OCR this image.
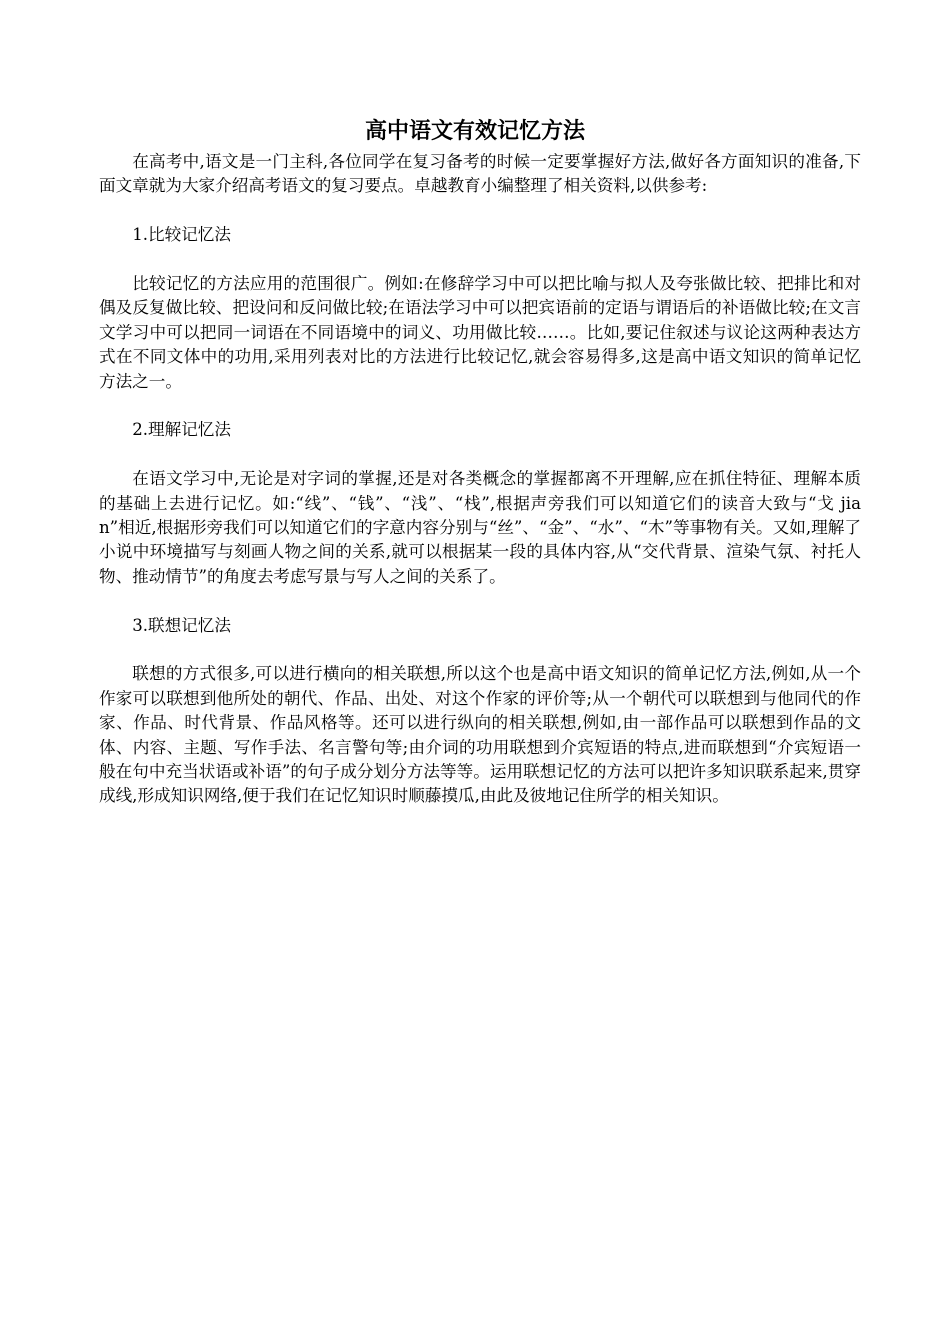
高中语文有效记忆方法

在高考中,语文是一门主科,各位同学在复习备考的时候一定要掌握好方法,做好各方面知识的准备,下面文章就为大家介绍高考语文的复习要点。卓越教育小编整理了相关资料,以供参考:

1.比较记忆法

比较记忆的方法应用的范围很广。例如:在修辞学习中可以把比喻与拟人及夸张做比较、把排比和对偶及反复做比较、把设问和反问做比较;在语法学习中可以把宾语前的定语与谓语后的补语做比较;在文言文学习中可以把同一词语在不同语境中的词义、功用做比较……。比如,要记住叙述与议论这两种表达方式在不同文体中的功用,采用列表对比的方法进行比较记忆,就会容易得多,这是高中语文知识的简单记忆方法之一。

2.理解记忆法

在语文学习中,无论是对字词的掌握,还是对各类概念的掌握都离不开理解,应在抓住特征、理解本质的基础上去进行记忆。如:“线”、“钱”、“浅”、“栈”,根据声旁我们可以知道它们的读音大致与“戈 jian”相近,根据形旁我们可以知道它们的字意内容分别与“丝”、“金”、“水”、“木”等事物有关。又如,理解了小说中环境描写与刻画人物之间的关系,就可以根据某一段的具体内容,从“交代背景、渲染气氛、衬托人物、推动情节”的角度去考虑写景与写人之间的关系了。

3.联想记忆法

联想的方式很多,可以进行横向的相关联想,所以这个也是高中语文知识的简单记忆方法,例如,从一个作家可以联想到他所处的朝代、作品、出处、对这个作家的评价等;从一个朝代可以联想到与他同代的作家、作品、时代背景、作品风格等。还可以进行纵向的相关联想,例如,由一部作品可以联想到作品的文体、内容、主题、写作手法、名言警句等;由介词的功用联想到介宾短语的特点,进而联想到“介宾短语一般在句中充当状语或补语”的句子成分划分方法等等。运用联想记忆的方法可以把许多知识联系起来,贯穿成线,形成知识网络,便于我们在记忆知识时顺藤摸瓜,由此及彼地记住所学的相关知识。
